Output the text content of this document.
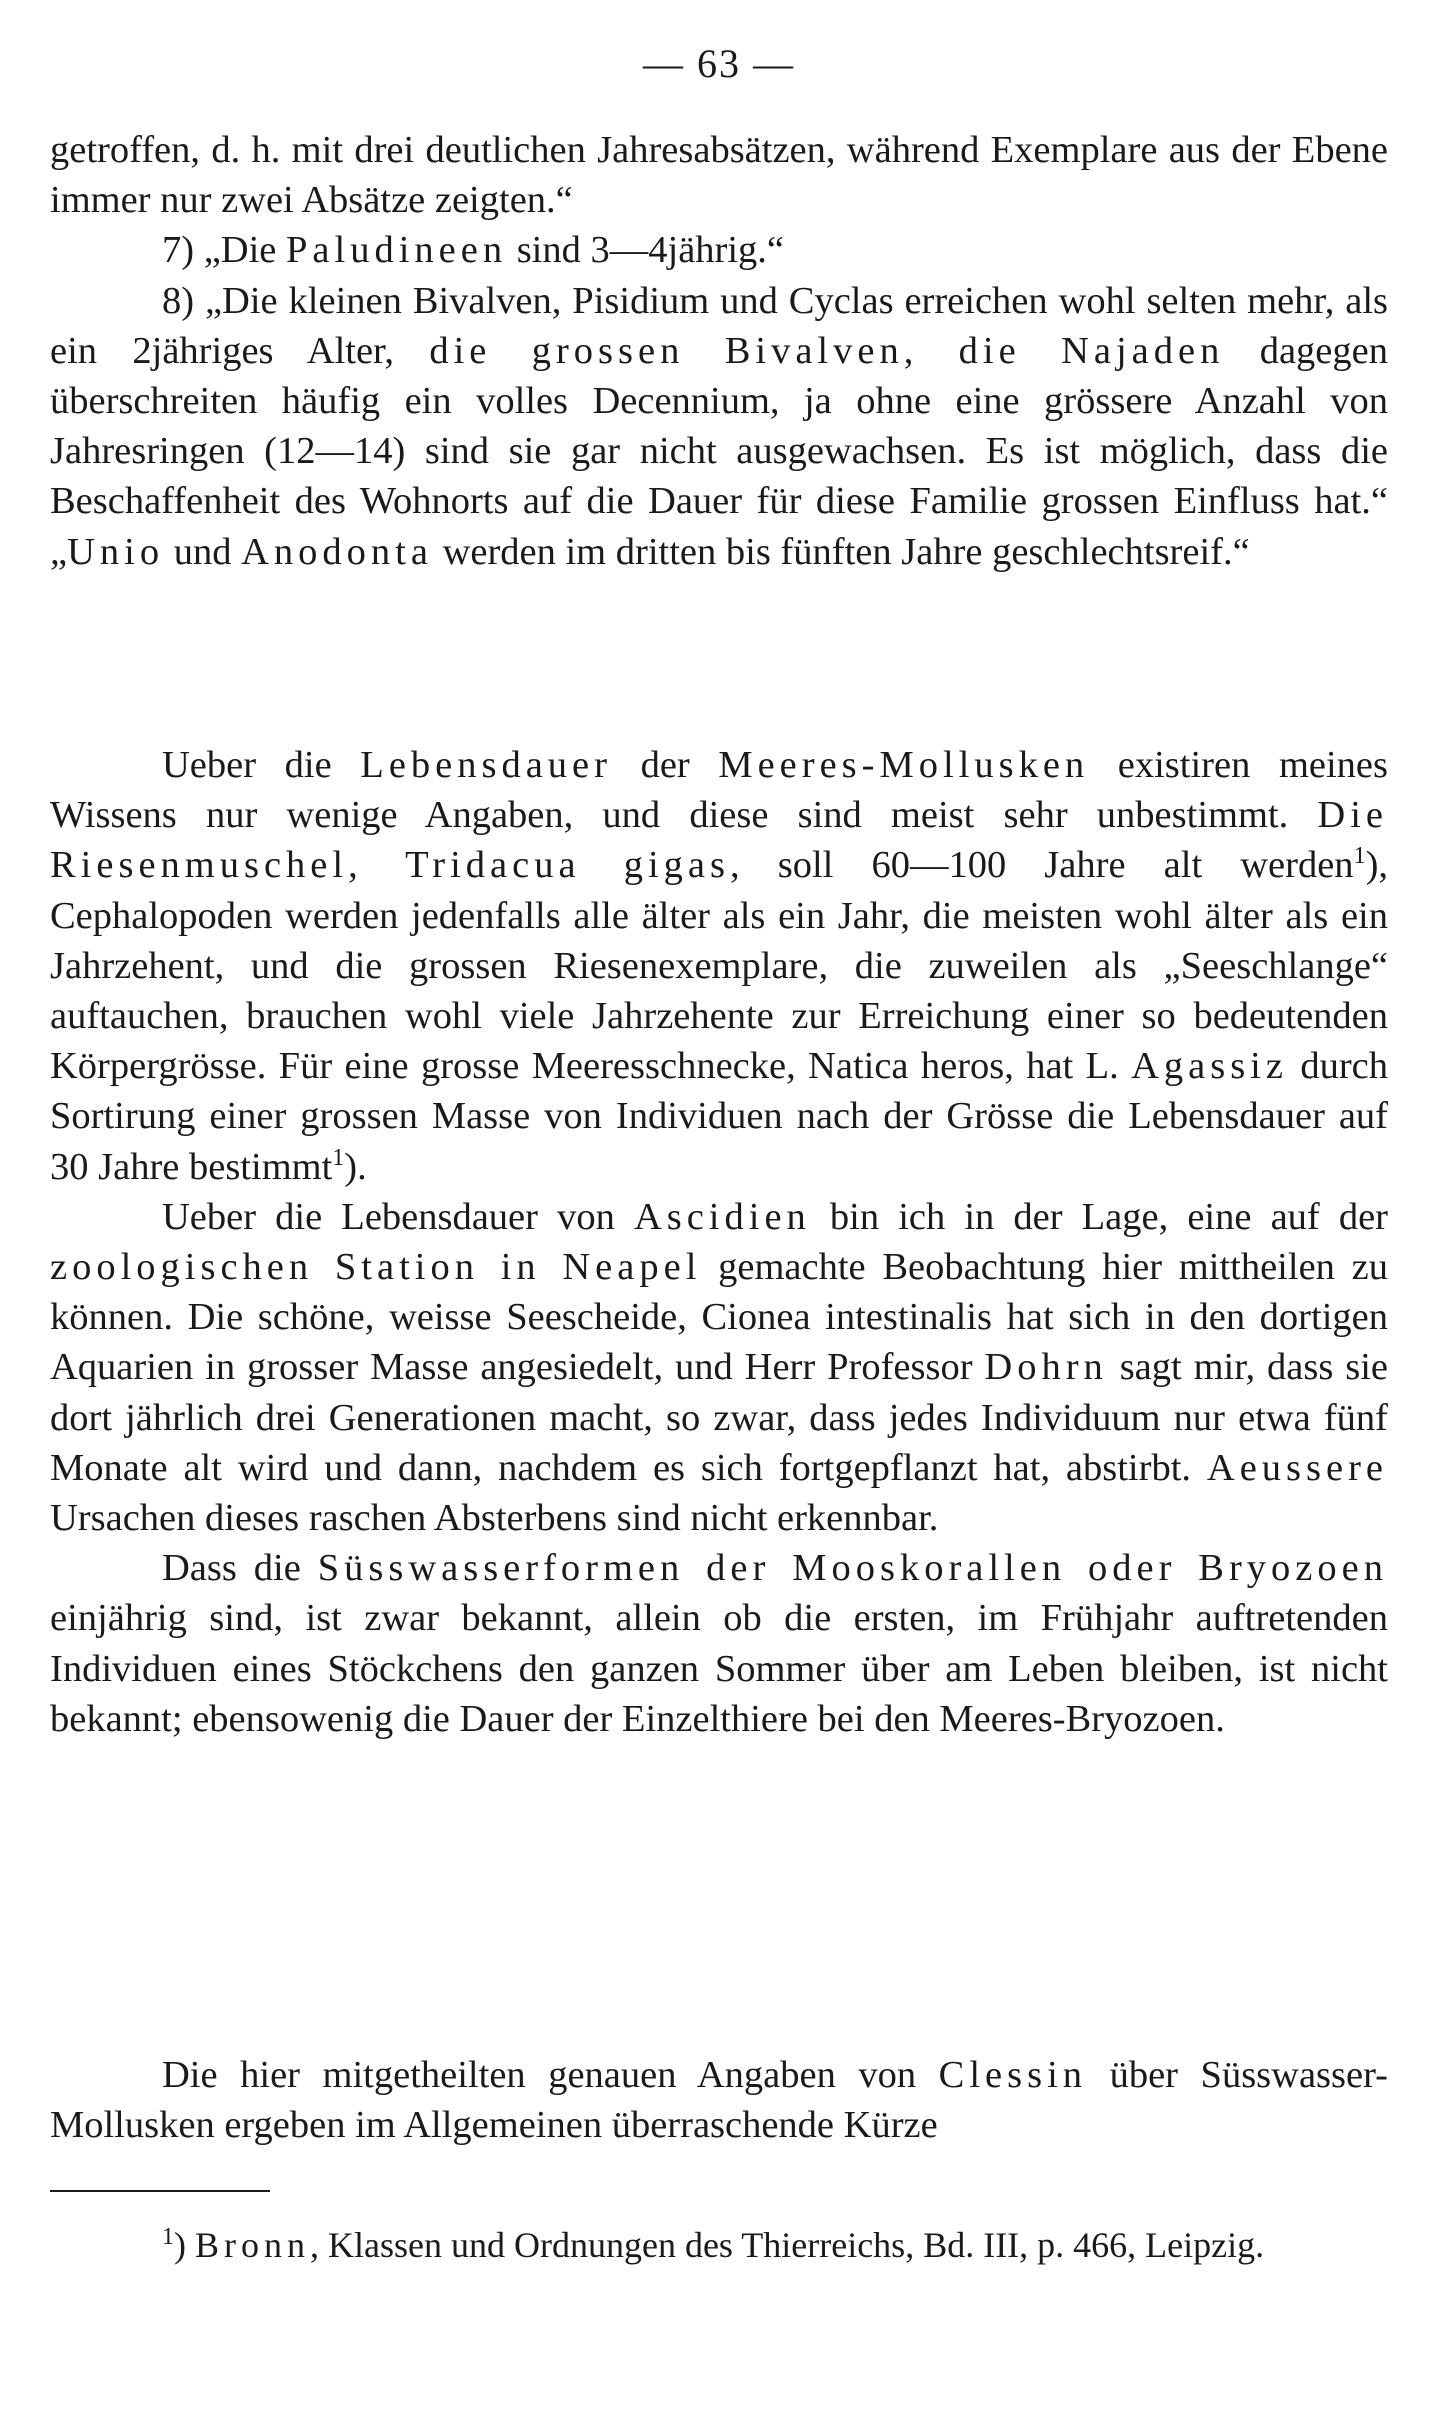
— 63 —

getroffen, d. h. mit drei deutlichen Jahresabsätzen, während Exemplare aus der Ebene immer nur zwei Absätze zeigten.“

7) „Die Paludineen sind 3—4jährig.“

8) „Die kleinen Bivalven, Pisidium und Cyclas erreichen wohl selten mehr, als ein 2jähriges Alter, die grossen Bivalven, die Najaden dagegen überschreiten häufig ein volles Decennium, ja ohne eine grössere Anzahl von Jahresringen (12—14) sind sie gar nicht ausgewachsen. Es ist möglich, dass die Beschaffenheit des Wohnorts auf die Dauer für diese Familie grossen Einfluss hat.“ „Unio und Anodonta werden im dritten bis fünften Jahre geschlechtsreif.“

Ueber die Lebensdauer der Meeres-Mollusken existiren meines Wissens nur wenige Angaben, und diese sind meist sehr unbestimmt. Die Riesenmuschel, Tridacua gigas, soll 60—100 Jahre alt werden$^1$), Cephalopoden werden jedenfalls alle älter als ein Jahr, die meisten wohl älter als ein Jahrzehent, und die grossen Riesenexemplare, die zuweilen als „Seeschlange“ auftauchen, brauchen wohl viele Jahrzehente zur Erreichung einer so bedeutenden Körpergrösse. Für eine grosse Meeresschnecke, Natica heros, hat L. Agassiz durch Sortirung einer grossen Masse von Individuen nach der Grösse die Lebensdauer auf 30 Jahre bestimmt$^1$).

Ueber die Lebensdauer von Ascidien bin ich in der Lage, eine auf der zoologischen Station in Neapel gemachte Beobachtung hier mittheilen zu können. Die schöne, weisse Seescheide, Cionea intestinalis hat sich in den dortigen Aquarien in grosser Masse angesiedelt, und Herr Professor Dohrn sagt mir, dass sie dort jährlich drei Generationen macht, so zwar, dass jedes Individuum nur etwa fünf Monate alt wird und dann, nachdem es sich fortgepflanzt hat, abstirbt. Aeussere Ursachen dieses raschen Absterbens sind nicht erkennbar.

Dass die Süsswasserformen der Mooskorallen oder Bryozoen einjährig sind, ist zwar bekannt, allein ob die ersten, im Frühjahr auftretenden Individuen eines Stöckchens den ganzen Sommer über am Leben bleiben, ist nicht bekannt; ebensowenig die Dauer der Einzelthiere bei den Meeres-Bryozoen.

Die hier mitgetheilten genauen Angaben von Clessin über Süsswasser-Mollusken ergeben im Allgemeinen überraschende Kürze

$^1$) Bronn, Klassen und Ordnungen des Thierreichs, Bd. III, p. 466, Leipzig.
